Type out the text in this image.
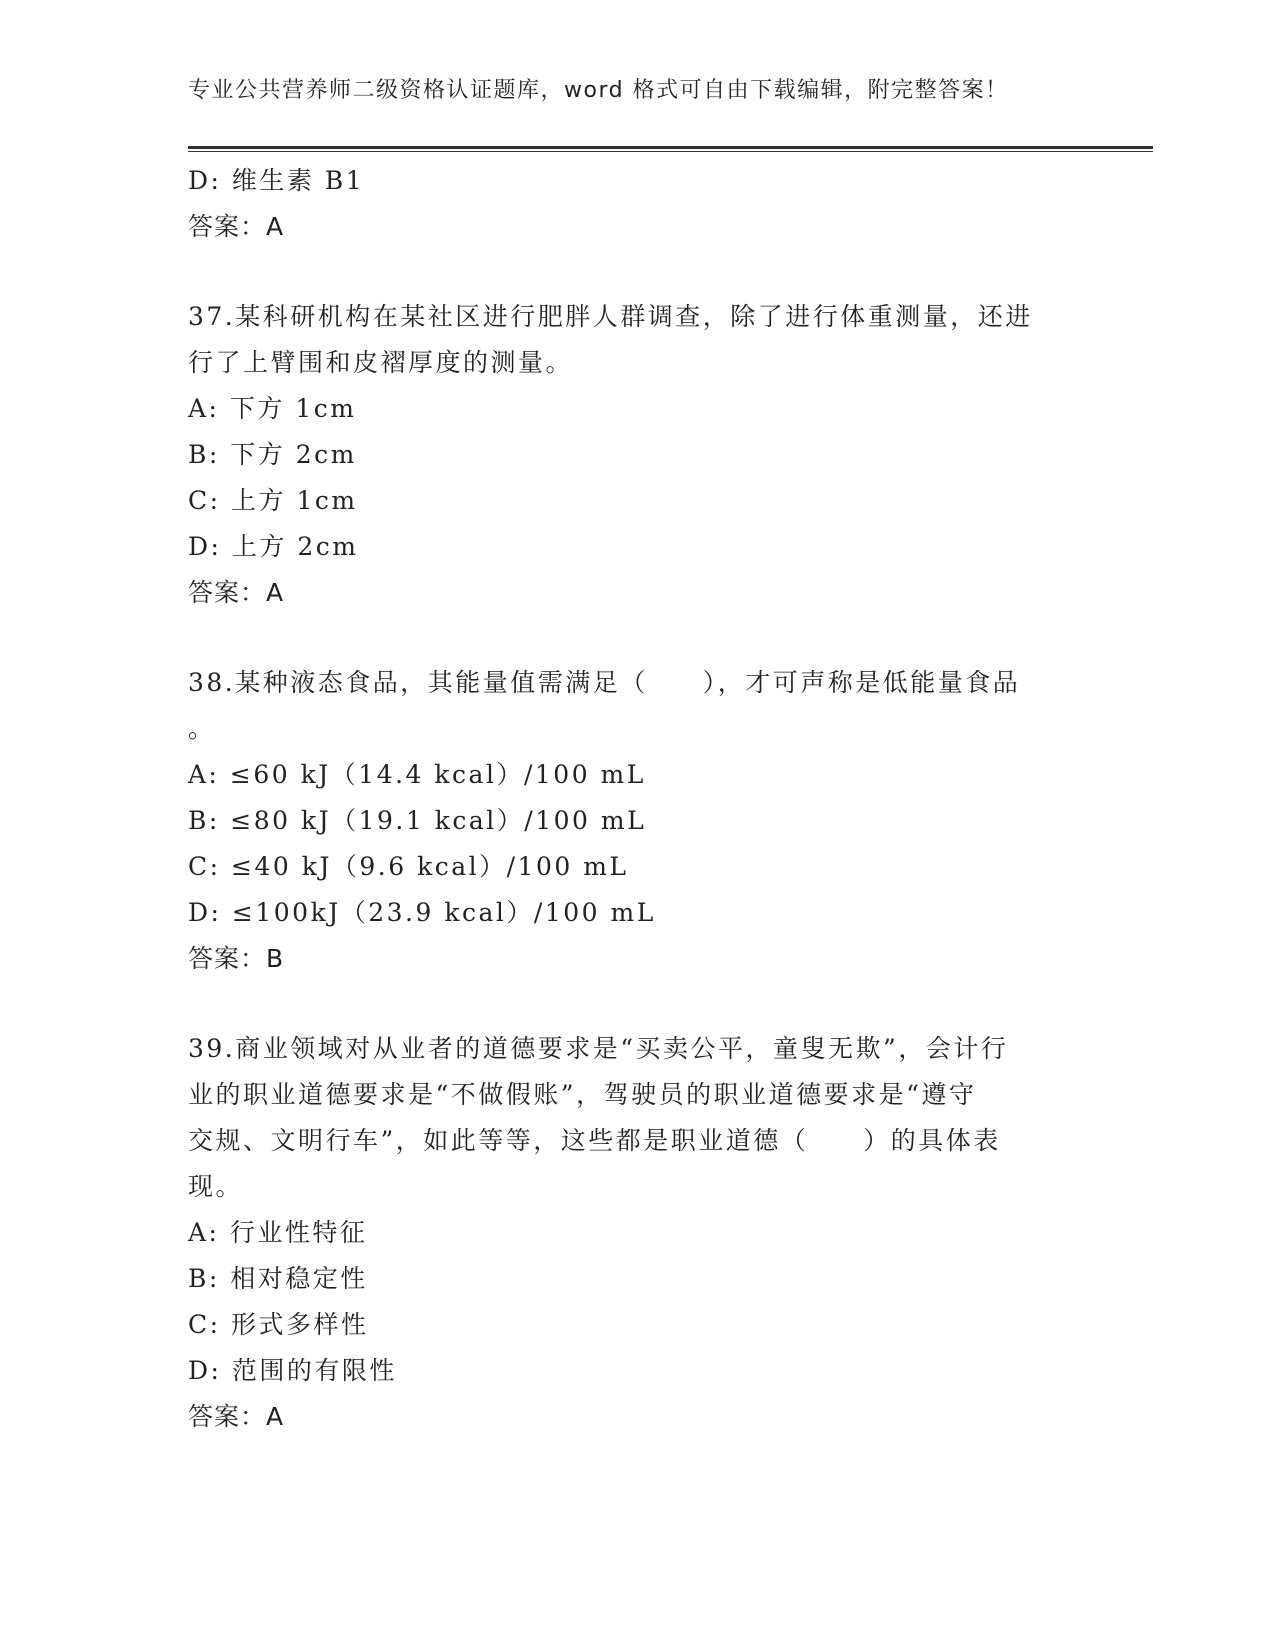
专业公共营养师二级资格认证题库，word 格式可自由下载编辑，附完整答案！
D: 维生素 B1
答案：A
37.某科研机构在某社区进行肥胖人群调查，除了进行体重测量，还进
行了上臂围和皮褶厚度的测量。
A: 下方 1cm
B: 下方 2cm
C: 上方 1cm
D: 上方 2cm
答案：A
38.某种液态食品，其能量值需满足（　　），才可声称是低能量食品
。
A: ≤60 kJ（14.4 kcal）/100 mL
B: ≤80 kJ（19.1 kcal）/100 mL
C: ≤40 kJ（9.6 kcal）/100 mL
D: ≤100kJ（23.9 kcal）/100 mL
答案：B
39.商业领域对从业者的道德要求是“买卖公平，童叟无欺”，会计行
业的职业道德要求是“不做假账”，驾驶员的职业道德要求是“遵守
交规、文明行车”，如此等等，这些都是职业道德（　　）的具体表
现。
A: 行业性特征
B: 相对稳定性
C: 形式多样性
D: 范围的有限性
答案：A
